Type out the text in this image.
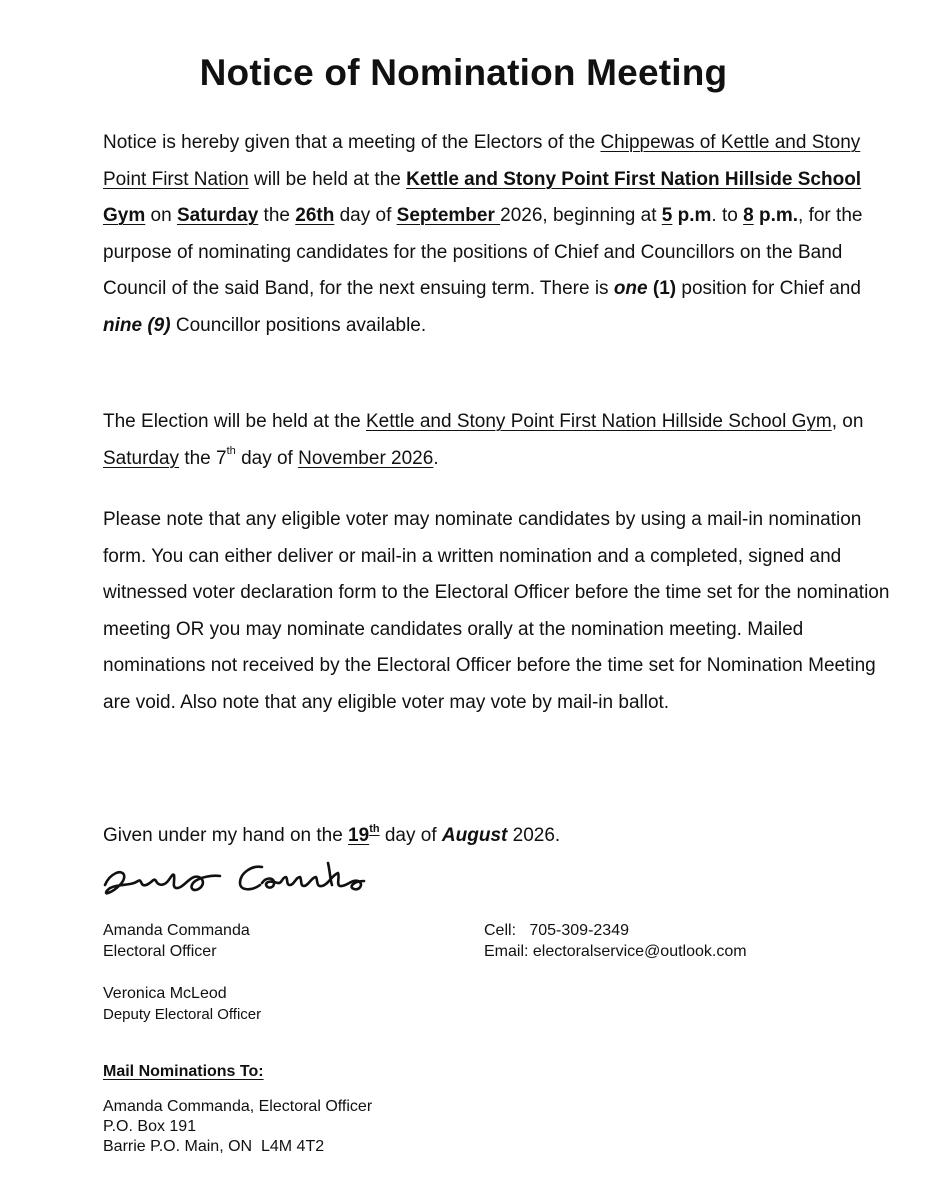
Notice of Nomination Meeting

Notice is hereby given that a meeting of the Electors of the Chippewas of Kettle and Stony Point First Nation will be held at the Kettle and Stony Point First Nation Hillside School Gym on Saturday the 26th day of September 2026, beginning at 5 p.m. to 8 p.m., for the purpose of nominating candidates for the positions of Chief and Councillors on the Band Council of the said Band, for the next ensuing term. There is one (1) position for Chief and nine (9) Councillor positions available.

The Election will be held at the Kettle and Stony Point First Nation Hillside School Gym, on Saturday the 7th day of November 2026.

Please note that any eligible voter may nominate candidates by using a mail-in nomination form. You can either deliver or mail-in a written nomination and a completed, signed and witnessed voter declaration form to the Electoral Officer before the time set for the nomination meeting OR you may nominate candidates orally at the nomination meeting. Mailed nominations not received by the Electoral Officer before the time set for Nomination Meeting are void. Also note that any eligible voter may vote by mail-in ballot.

Given under my hand on the 19th day of August 2026.

Amanda Commanda
Electoral Officer
Cell: 705-309-2349
Email: electoralservice@outlook.com
Veronica McLeod
Deputy Electoral Officer

Mail Nominations To:

Amanda Commanda, Electoral Officer
P.O. Box 191
Barrie P.O. Main, ON  L4M 4T2
